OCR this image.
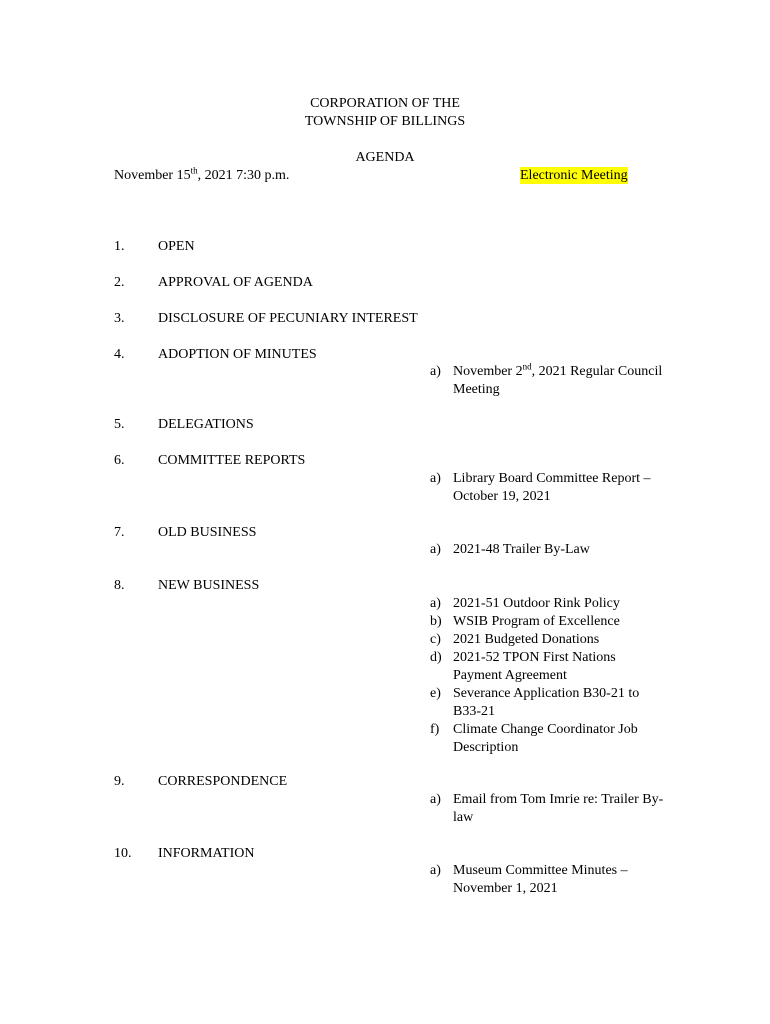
CORPORATION OF THE
TOWNSHIP OF BILLINGS
AGENDA
November 15th, 2021 7:30 p.m.	Electronic Meeting
1. OPEN
2. APPROVAL OF AGENDA
3. DISCLOSURE OF PECUNIARY INTEREST
4. ADOPTION OF MINUTES
a) November 2nd, 2021 Regular Council Meeting
5. DELEGATIONS
6. COMMITTEE REPORTS
a) Library Board Committee Report – October 19, 2021
7. OLD BUSINESS
a) 2021-48 Trailer By-Law
8. NEW BUSINESS
a) 2021-51 Outdoor Rink Policy
b) WSIB Program of Excellence
c) 2021 Budgeted Donations
d) 2021-52 TPON First Nations Payment Agreement
e) Severance Application B30-21 to B33-21
f) Climate Change Coordinator Job Description
9. CORRESPONDENCE
a) Email from Tom Imrie re: Trailer By-law
10. INFORMATION
a) Museum Committee Minutes – November 1, 2021
